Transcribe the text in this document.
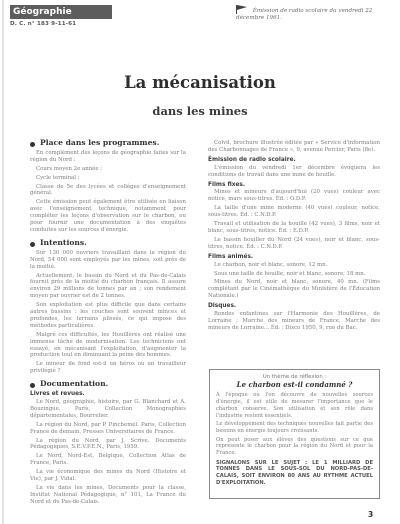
Géographie
D. C. n° 183 9-11-61
Émission de radio scolaire du vendredi 22 décembre 1961.
La mécanisation
dans les mines
Place dans les programmes.

En complément des leçons de géographie faites sur la région du Nord :

Cours moyen 2e année ;

Cycle terminal ;

Classe de 5e des lycées et collèges d'enseignement général.

Cette émission peut également être utilisée en liaison avec l'enseignement technique, notamment pour compléter les leçons d'observation sur le charbon, ou pour fournir une documentation à des enquêtes conduites sur les sources d'énergie.

Intentions.

Sur 130 000 ouvriers travaillant dans la région du Nord, 54 000 sont employés par les mines, soit près de la moitié.

Actuellement, le bassin du Nord et du Pas-de-Calais fournit près de la moitié du charbon français. Il assure environ 29 millions de tonnes par an ; son rendement moyen par ouvrier est de 2 tonnes.

Son exploitation est plus difficile que dans certains autres bassins : les couches sont souvent minces et profondes, les terrains plissés, ce qui impose des méthodes particulières.

Malgré ces difficultés, les Houillères ont réalisé une immense tâche de modernisation. Les techniciens ont essayé, en mécanisant l'exploitation, d'augmenter la production tout en diminuant la peine des hommes.

Le mineur de fond est-il un héros ou un travailleur privilégié ?

Documentation.
Livres et revues.

Le Nord, géographie, histoire, par G. Blanchard et A. Bouzingue. Paris, Collection Monographies départementales, Bourrelier.

La région du Nord, par P. Pinchemel. Paris, Collection France de demain, Presses Universitaires de France.

La région du Nord, par J. Scrive. Documents Pédagogiques, S.E.V.P.E.N., Paris, 1959.

Le Nord, Nord-Est, Belgique, Collection Atlas de France, Paris.

La vie économique des mines du Nord (Histoire et Vie), par J. Vidal.

La vie dans les mines, Documents pour la classe, Institut National Pédagogique, n° 101, La France du Nord et du Pas-de-Calais.

Colvil, brochure illustrée éditée par « Service d'information des Charbonnages de France », 9, avenue Percier, Paris (8e).

Émission de radio scolaire.

L'émission du vendredi 1er décembre évoquera les conditions de travail dans une mine de houille.

Films fixes.

Mines et mineurs d'aujourd'hui (20 vues) couleur avec notice, mars sous-titres. Éd. : O.D.P.

La taille d'une mine moderne (40 vues) couleur, notice, sous-titres. Éd. : C.N.D.P.

Travail et utilisation de la houille (42 vues), 3 films, noir et blanc, sous-titres, notice. Éd. : E.D.P.

Le bassin houiller du Nord (24 vues), noir et blanc, sous-titres, notice. Éd. : C.N.D.P.

Films animés.

Le charbon, noir et blanc, sonore, 12 mn.

Sous une taille de houille, noir et blanc, sonore, 18 mn.

Mines du Nord, noir et blanc, sonore, 40 mn. (Films complétant par le Cinémathèque du Ministère de l'Éducation Nationale.)

Disques.

Rondes enfantines sur l'Harmonie des Houillères, de Lorraine ; Marche des mineurs de France, Marche des mineurs de Lorraine... Éd. : Disco 1950, 9, rue du Bac.

Un thème de réflexion :
Le charbon est-il condamné ?

À l'époque où l'on découvre de nouvelles sources d'énergie, il est utile de mesurer l'importance que le charbon conserve. Son utilisation et son rôle dans l'industrie restent essentiels.

Le développement des techniques nouvelles fait partie des besoins en énergie toujours croissants.

On peut poser aux élèves des questions sur ce que représente le charbon pour la région du Nord et pour la France.

SIGNALONS SUR LE SUJET : LE 1 MILLIARD DE TONNES DANS LE SOUS-SOL DU NORD-PAS-DE-CALAIS, SOIT ENVIRON 80 ANS AU RYTHME ACTUEL D'EXPLOITATION.
3
